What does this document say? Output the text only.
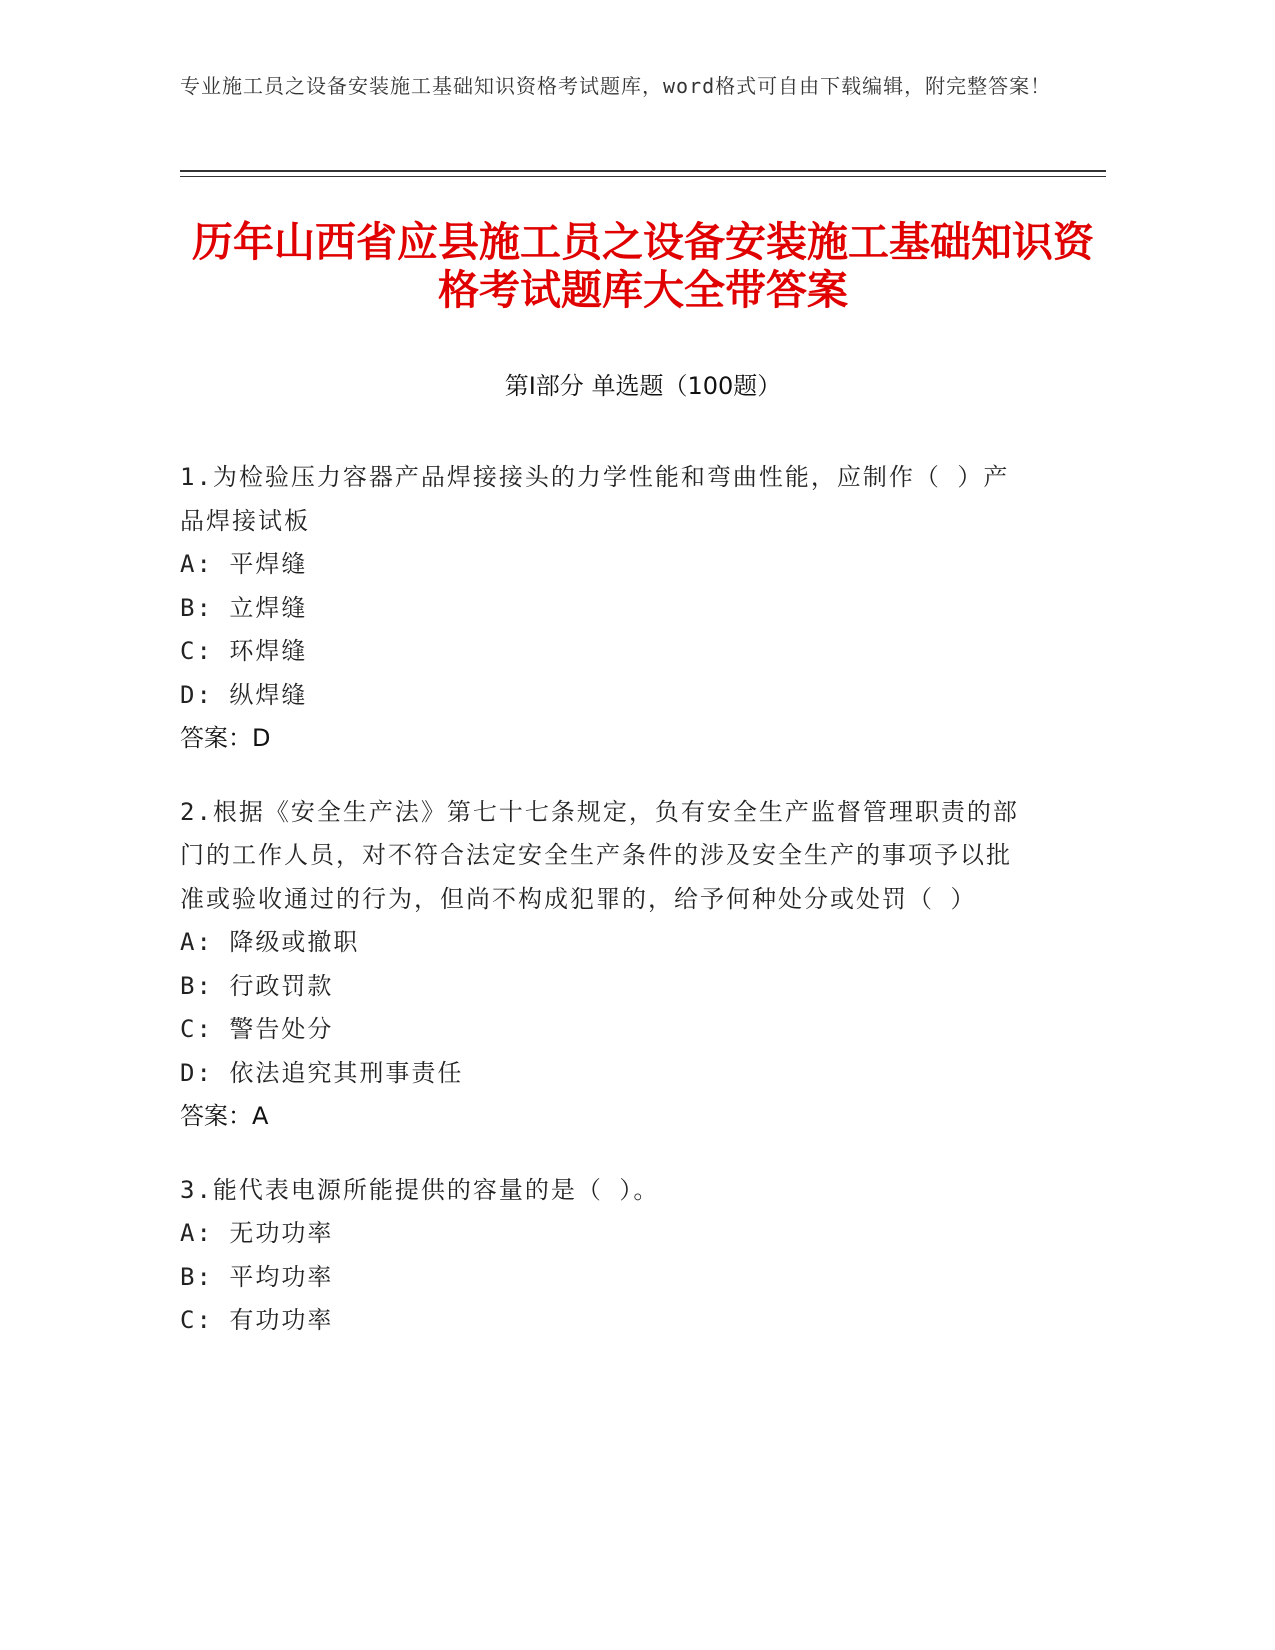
专业施工员之设备安装施工基础知识资格考试题库，word格式可自由下载编辑，附完整答案！
历年山西省应县施工员之设备安装施工基础知识资格考试题库大全带答案
第Ⅰ部分 单选题（100题）
1.为检验压力容器产品焊接接头的力学性能和弯曲性能，应制作（ ）产品焊接试板
A: 平焊缝
B: 立焊缝
C: 环焊缝
D: 纵焊缝
答案：D
2.根据《安全生产法》第七十七条规定，负有安全生产监督管理职责的部门的工作人员，对不符合法定安全生产条件的涉及安全生产的事项予以批准或验收通过的行为，但尚不构成犯罪的，给予何种处分或处罚（ ）
A: 降级或撤职
B: 行政罚款
C: 警告处分
D: 依法追究其刑事责任
答案：A
3.能代表电源所能提供的容量的是（ ）。
A: 无功功率
B: 平均功率
C: 有功功率
